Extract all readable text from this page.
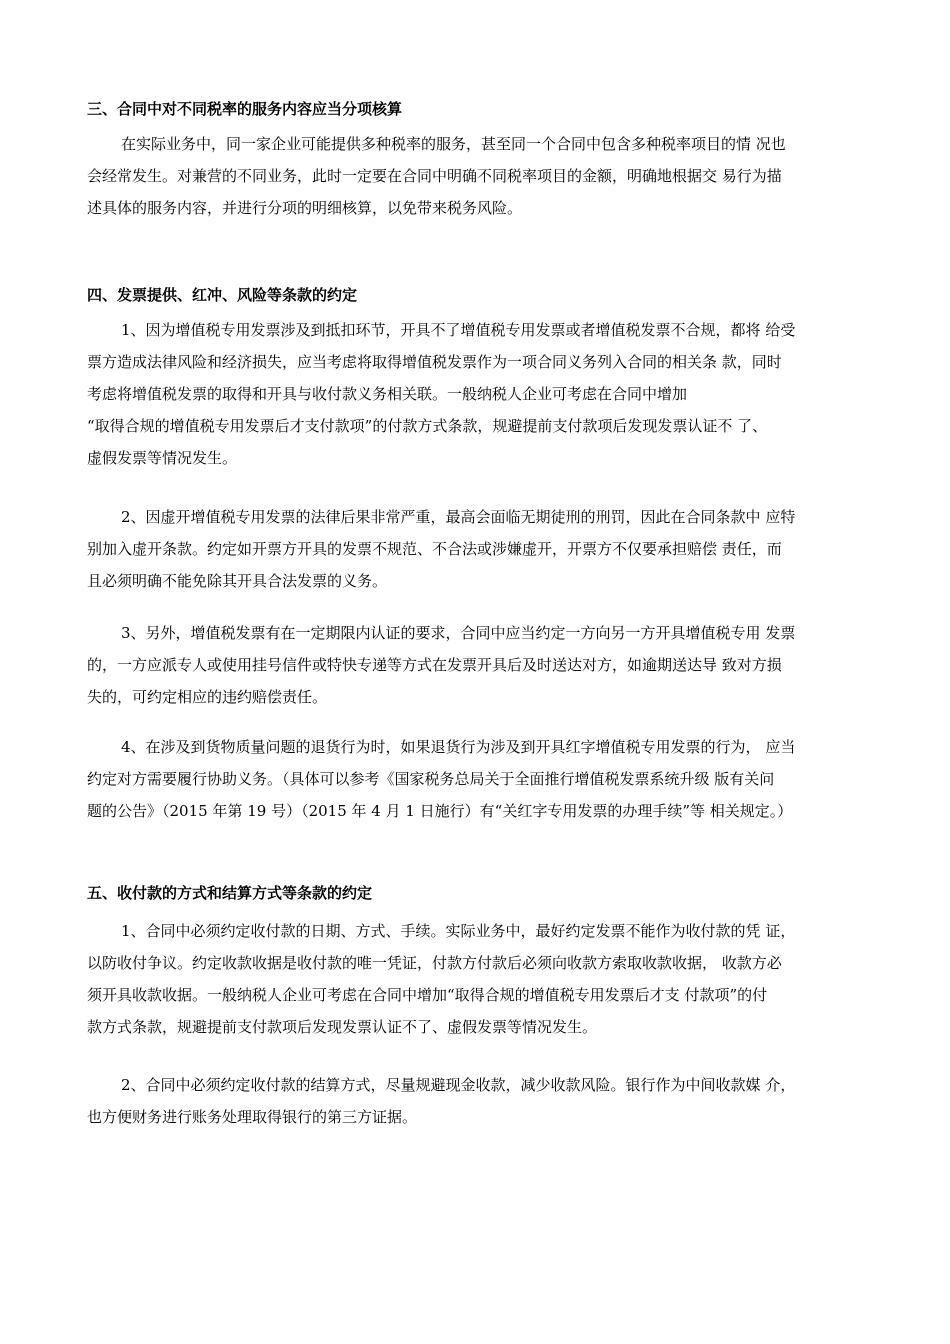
三、合同中对不同税率的服务内容应当分项核算
在实际业务中，同一家企业可能提供多种税率的服务，甚至同一个合同中包含多种税率项目的情 况也
会经常发生。对兼营的不同业务，此时一定要在合同中明确不同税率项目的金额，明确地根据交 易行为描
述具体的服务内容，并进行分项的明细核算，以免带来税务风险。
四、发票提供、红冲、风险等条款的约定
1、因为增值税专用发票涉及到抵扣环节，开具不了增值税专用发票或者增值税发票不合规，都将 给受
票方造成法律风险和经济损失，应当考虑将取得增值税发票作为一项合同义务列入合同的相关条 款，同时
考虑将增值税发票的取得和开具与收付款义务相关联。一般纳税人企业可考虑在合同中增加
“取得合规的增值税专用发票后才支付款项”的付款方式条款，规避提前支付款项后发现发票认证不 了、
虚假发票等情况发生。
2、因虚开增值税专用发票的法律后果非常严重，最高会面临无期徒刑的刑罚，因此在合同条款中 应特
别加入虚开条款。约定如开票方开具的发票不规范、不合法或涉嫌虚开，开票方不仅要承担赔偿 责任，而
且必须明确不能免除其开具合法发票的义务。
3、另外，增值税发票有在一定期限内认证的要求，合同中应当约定一方向另一方开具增值税专用 发票
的，一方应派专人或使用挂号信件或特快专递等方式在发票开具后及时送达对方，如逾期送达导 致对方损
失的，可约定相应的违约赔偿责任。
4、在涉及到货物质量问题的退货行为时，如果退货行为涉及到开具红字增值税专用发票的行为， 应当
约定对方需要履行协助义务。（具体可以参考《国家税务总局关于全面推行增值税发票系统升级 版有关问
题的公告》（2015 年第 19 号）（2015 年 4 月 1 日施行）有“关红字专用发票的办理手续”等 相关规定。）
五、收付款的方式和结算方式等条款的约定
1、合同中必须约定收付款的日期、方式、手续。实际业务中，最好约定发票不能作为收付款的凭 证，
以防收付争议。约定收款收据是收付款的唯一凭证，付款方付款后必须向收款方索取收款收据， 收款方必
须开具收款收据。一般纳税人企业可考虑在合同中增加“取得合规的增值税专用发票后才支 付款项”的付
款方式条款，规避提前支付款项后发现发票认证不了、虚假发票等情况发生。
2、合同中必须约定收付款的结算方式，尽量规避现金收款，减少收款风险。银行作为中间收款媒 介，
也方便财务进行账务处理取得银行的第三方证据。
